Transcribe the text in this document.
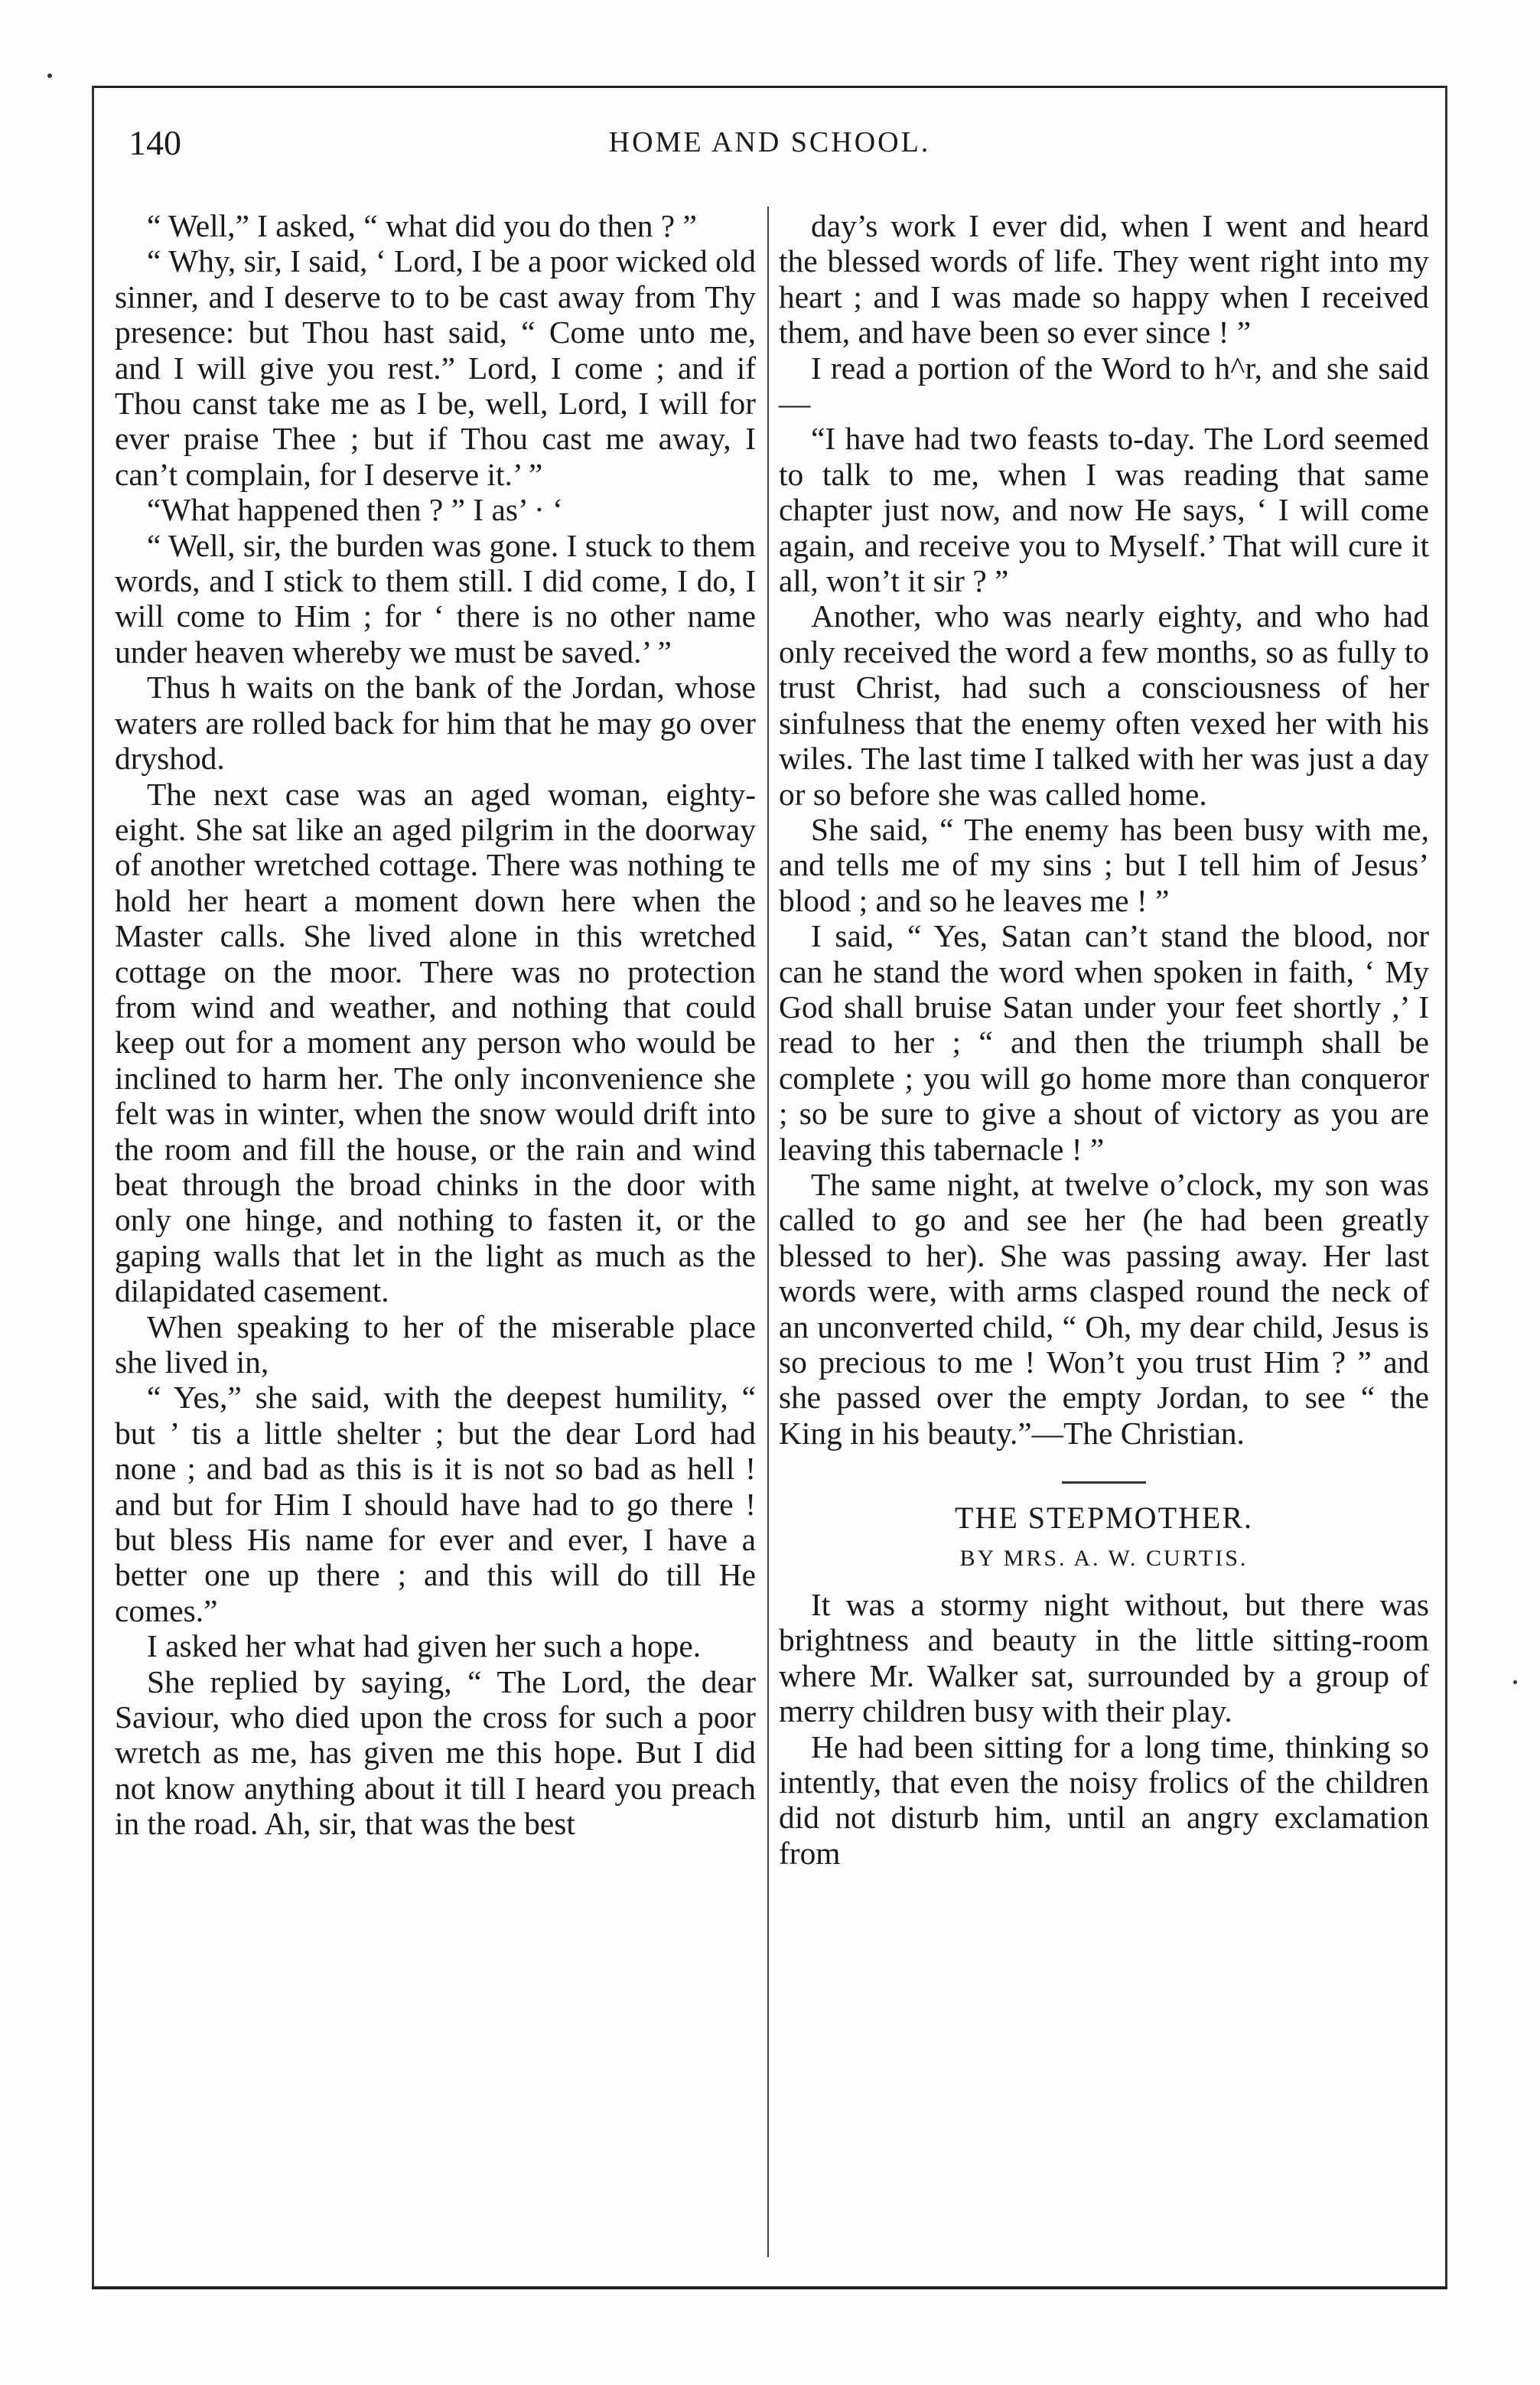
140	HOME AND SCHOOL.

“ Well,” I asked, “ what did you do then ? ”

“ Why, sir, I said, ‘ Lord, I be a poor wicked old sinner, and I deserve to to be cast away from Thy presence: but Thou hast said, “ Come unto me, and I will give you rest.” Lord, I come ; and if Thou canst take me as I be, well, Lord, I will for ever praise Thee ; but if Thou cast me away, I can’t complain, for I deserve it.’ ”

“What happened then ? ” I as’ · ‘

“ Well, sir, the burden was gone. I stuck to them words, and I stick to them still. I did come, I do, I will come to Him ; for ‘ there is no other name under heaven whereby we must be saved.’ ”

Thus h waits on the bank of the Jordan, whose waters are rolled back for him that he may go over dryshod.

The next case was an aged woman, eighty-eight. She sat like an aged pilgrim in the doorway of another wretched cottage. There was nothing te hold her heart a moment down here when the Master calls. She lived alone in this wretched cottage on the moor. There was no protection from wind and weather, and nothing that could keep out for a moment any person who would be inclined to harm her. The only inconvenience she felt was in winter, when the snow would drift into the room and fill the house, or the rain and wind beat through the broad chinks in the door with only one hinge, and nothing to fasten it, or the gaping walls that let in the light as much as the dilapidated casement.

When speaking to her of the miserable place she lived in,

“ Yes,” she said, with the deepest humility, “ but ’ tis a little shelter ; but the dear Lord had none ; and bad as this is it is not so bad as hell ! and but for Him I should have had to go there ! but bless His name for ever and ever, I have a better one up there ; and this will do till He comes.”

I asked her what had given her such a hope.

She replied by saying, “ The Lord, the dear Saviour, who died upon the cross for such a poor wretch as me, has given me this hope. But I did not know anything about it till I heard you preach in the road. Ah, sir, that was the best

day’s work I ever did, when I went and heard the blessed words of life. They went right into my heart ; and I was made so happy when I received them, and have been so ever since ! ”

I read a portion of the Word to h^r, and she said—

“I have had two feasts to-day. The Lord seemed to talk to me, when I was reading that same chapter just now, and now He says, ‘ I will come again, and receive you to Myself.’ That will cure it all, won’t it sir ? ”

Another, who was nearly eighty, and who had only received the word a few months, so as fully to trust Christ, had such a consciousness of her sinfulness that the enemy often vexed her with his wiles. The last time I talked with her was just a day or so before she was called home.

She said, “ The enemy has been busy with me, and tells me of my sins ; but I tell him of Jesus’ blood ; and so he leaves me ! ”

I said, “ Yes, Satan can’t stand the blood, nor can he stand the word when spoken in faith, ‘ My God shall bruise Satan under your feet shortly ,’ I read to her ; “ and then the triumph shall be complete ; you will go home more than conqueror ; so be sure to give a shout of victory as you are leaving this tabernacle ! ”

The same night, at twelve o’clock, my son was called to go and see her (he had been greatly blessed to her). She was passing away. Her last words were, with arms clasped round the neck of an unconverted child, “ Oh, my dear child, Jesus is so precious to me ! Won’t you trust Him ? ” and she passed over the empty Jordan, to see “ the King in his beauty.”—The Christian.

THE STEPMOTHER.

BY MRS. A. W. CURTIS.

It was a stormy night without, but there was brightness and beauty in the little sitting-room where Mr. Walker sat, surrounded by a group of merry children busy with their play.

He had been sitting for a long time, thinking so intently, that even the noisy frolics of the children did not disturb him, until an angry exclamation from
